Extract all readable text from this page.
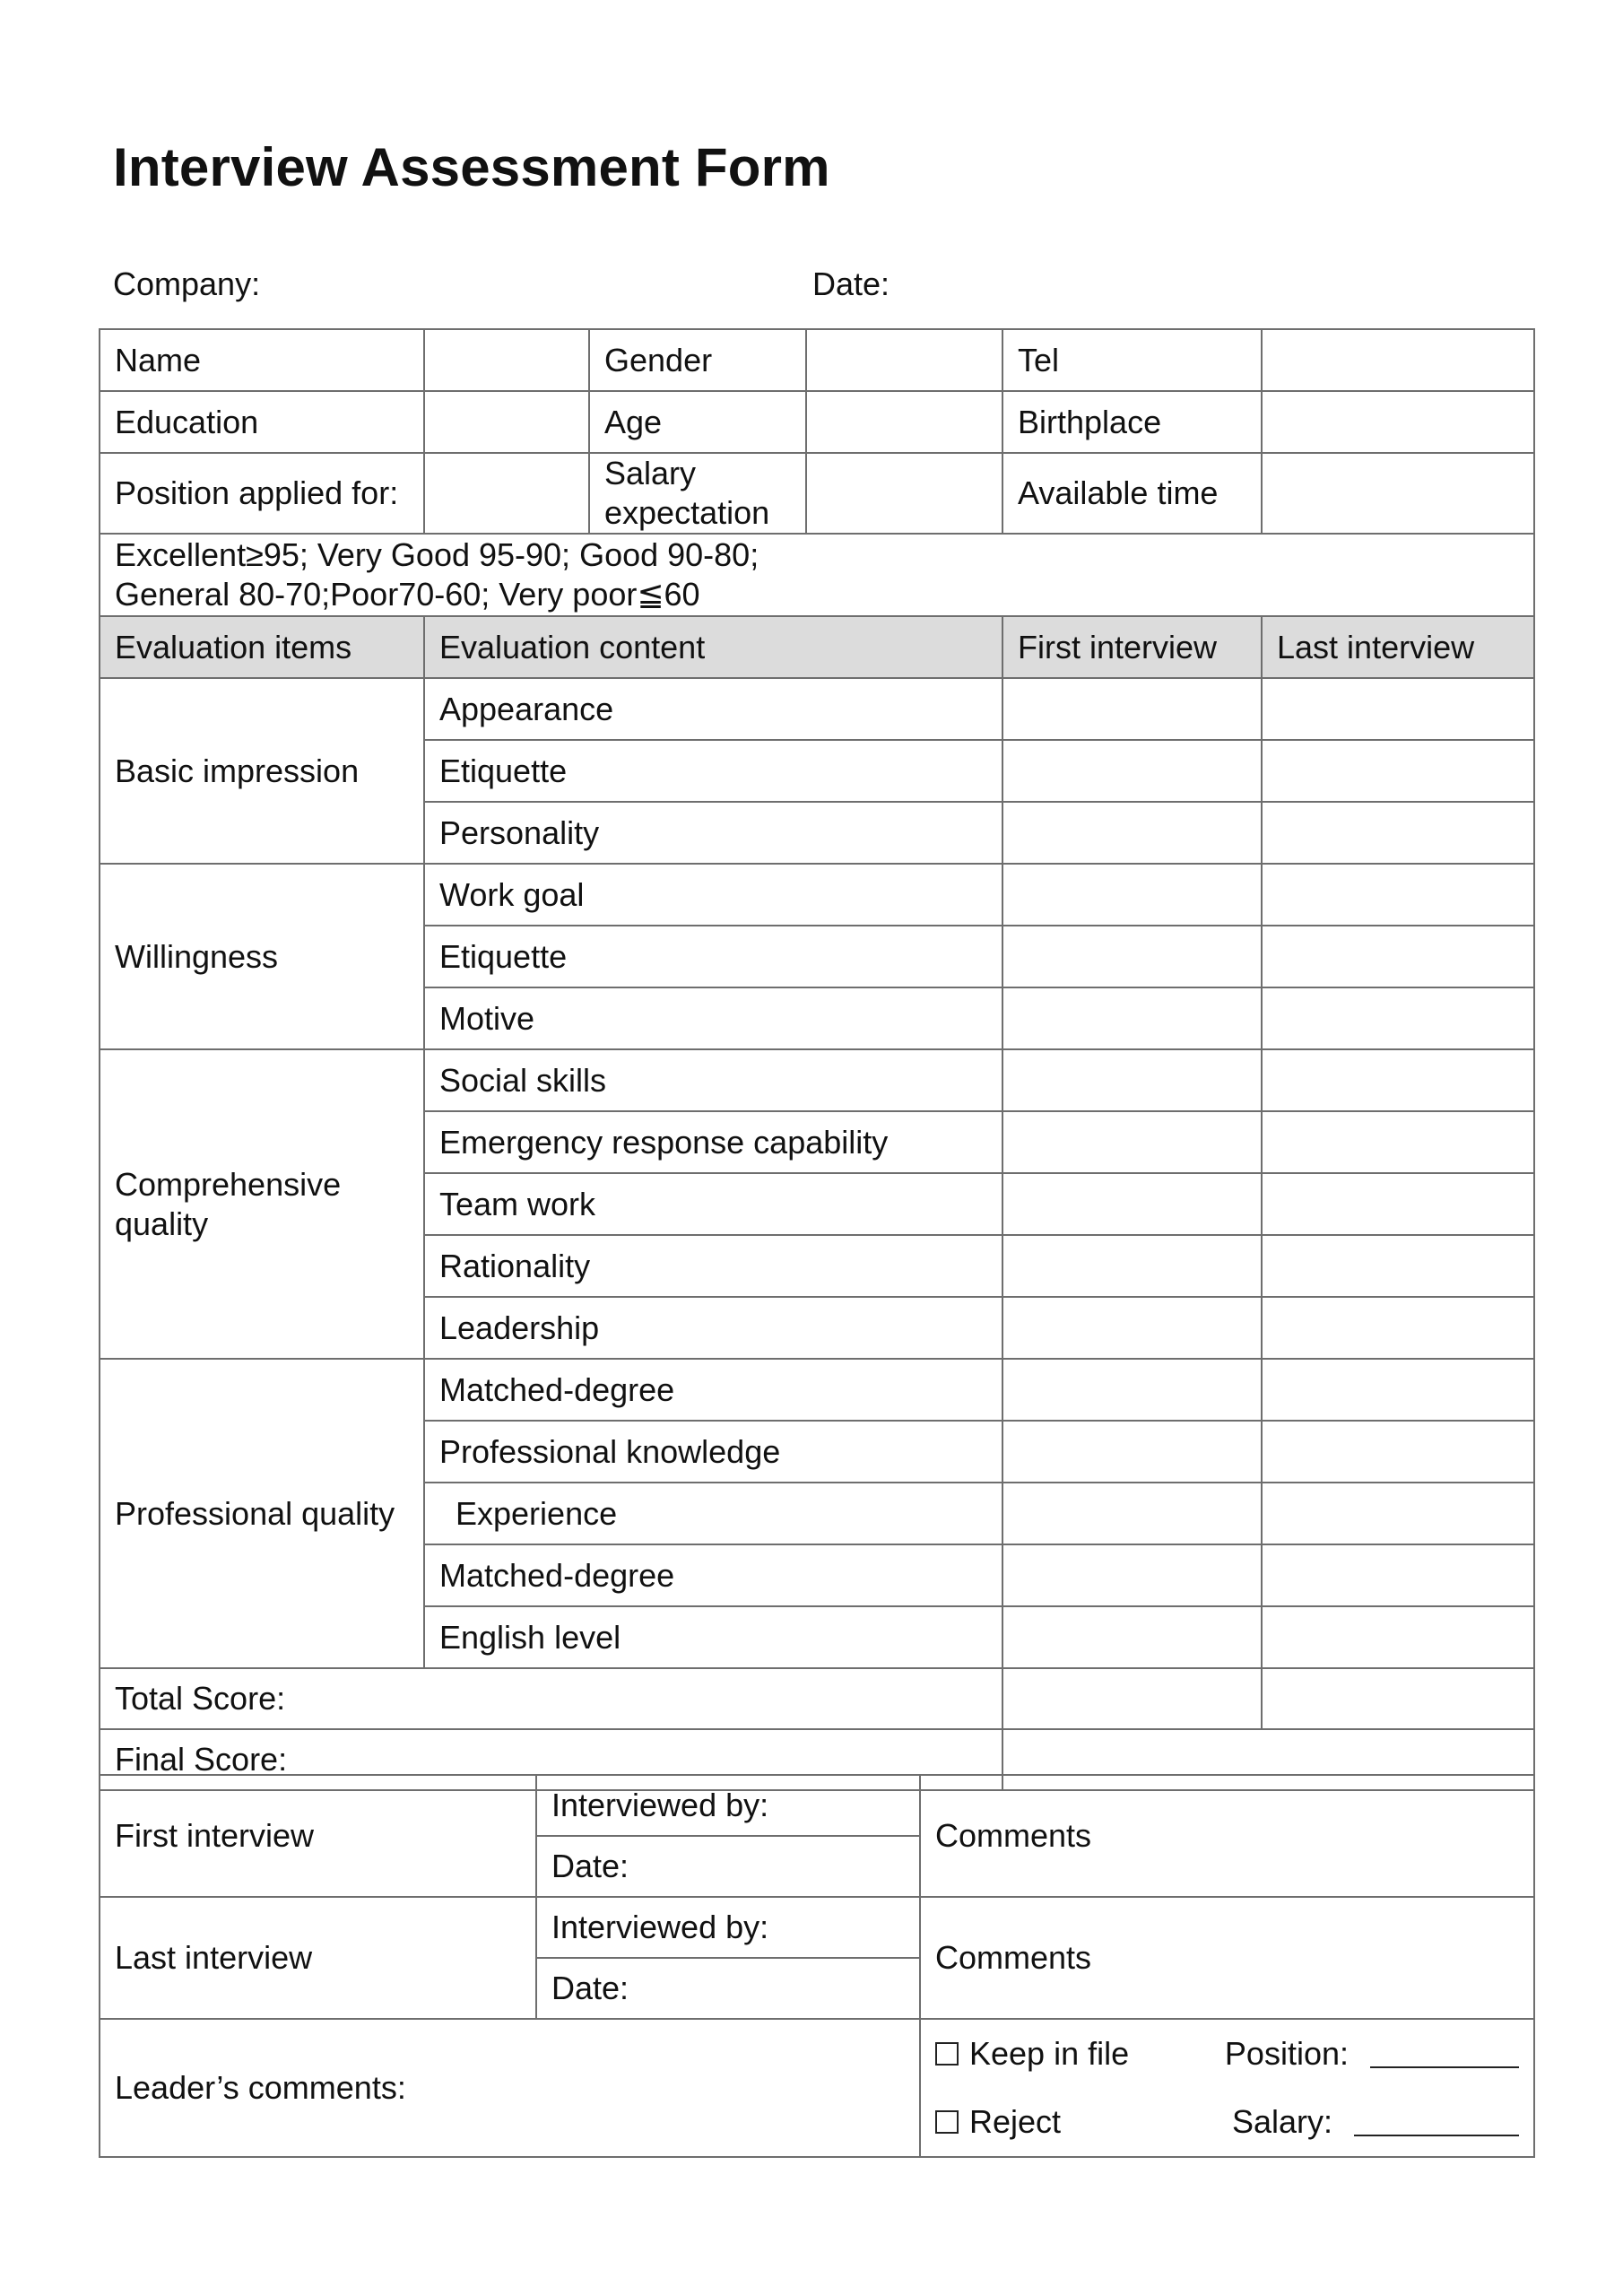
Interview Assessment Form
Company:	Date:
Name		Gender		Tel	
Education		Age		Birthplace	
Position applied for:		Salary expectation		Available time	

Excellent≥95; Very Good 95-90; Good 90-80;
General 80-70;Poor70-60; Very poor≦60					

Evaluation items	Evaluation content			First interview	Last interview
Basic impression	Appearance				
	Etiquette				
	Personality				
Willingness	Work goal				
	Etiquette				
	Motive				
Comprehensive quality	Social skills				
	Emergency response capability				
	Team work				
	Rationality				
	Leadership				
Professional quality	Matched-degree				
	Professional knowledge				
	Experience				
	Matched-degree				
	English level				
Total Score:					
Final Score:					
First interview	Interviewed by:	Comments
	Date:	
Last interview	Interviewed by:	Comments
	Date:	
Leader’s comments:		Keep in file Position:
Reject Salary:
